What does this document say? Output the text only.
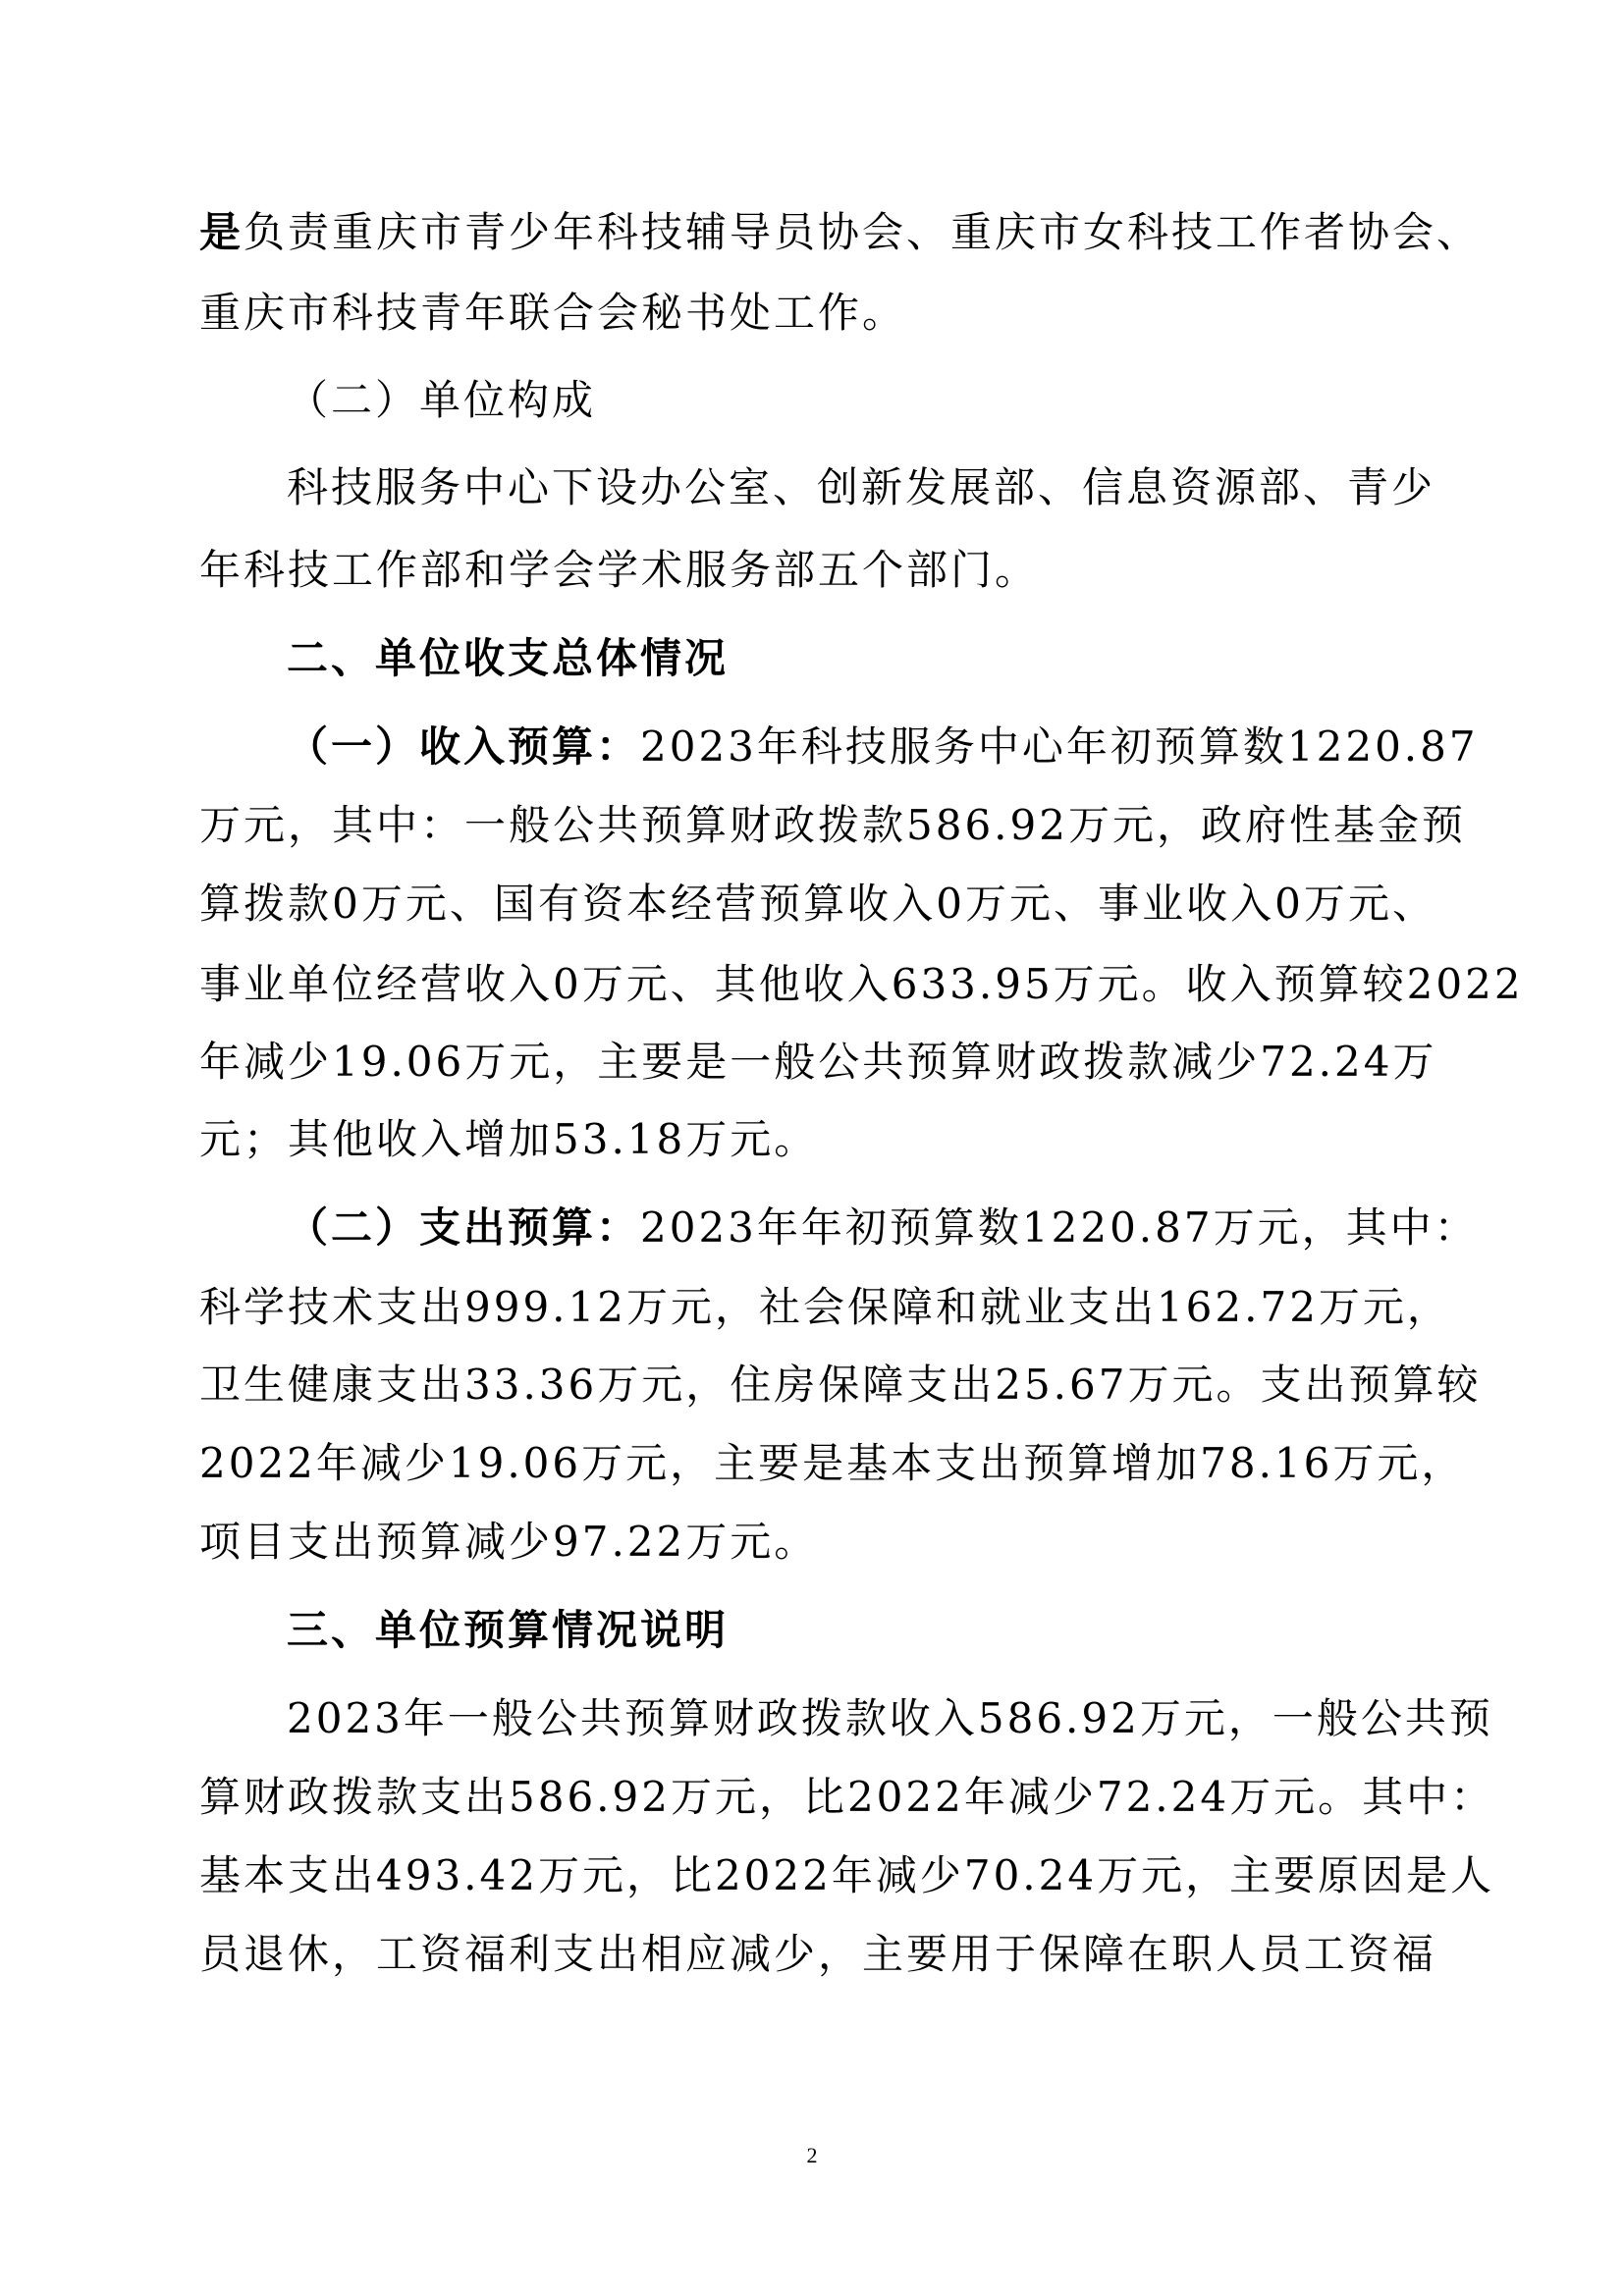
是负责重庆市青少年科技辅导员协会、重庆市女科技工作者协会、
重庆市科技青年联合会秘书处工作。
（二）单位构成
科技服务中心下设办公室、创新发展部、信息资源部、青少
年科技工作部和学会学术服务部五个部门。
二、单位收支总体情况
（一）收入预算：2023年科技服务中心年初预算数1220.87
万元，其中：一般公共预算财政拨款586.92万元，政府性基金预
算拨款0万元、国有资本经营预算收入0万元、事业收入0万元、
事业单位经营收入0万元、其他收入633.95万元。收入预算较2022
年减少19.06万元，主要是一般公共预算财政拨款减少72.24万
元；其他收入增加53.18万元。
（二）支出预算：2023年年初预算数1220.87万元，其中：
科学技术支出999.12万元，社会保障和就业支出162.72万元，
卫生健康支出33.36万元，住房保障支出25.67万元。支出预算较
2022年减少19.06万元，主要是基本支出预算增加78.16万元，
项目支出预算减少97.22万元。
三、单位预算情况说明
2023年一般公共预算财政拨款收入586.92万元，一般公共预
算财政拨款支出586.92万元，比2022年减少72.24万元。其中：
基本支出493.42万元，比2022年减少70.24万元，主要原因是人
员退休，工资福利支出相应减少，主要用于保障在职人员工资福
2
